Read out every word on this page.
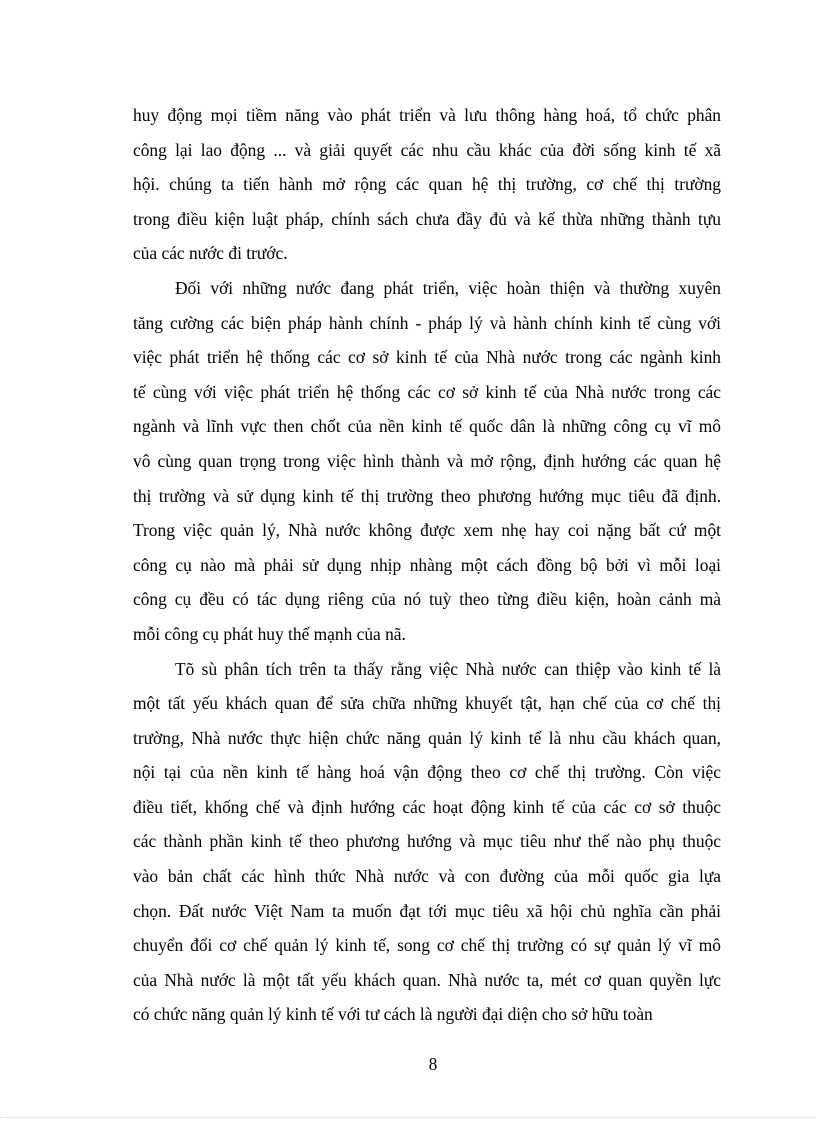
huy động mọi tiềm năng vào phát triển và lưu thông hàng hoá, tổ chức phân
công lại lao động ... và giải quyết các nhu cầu khác của đời sống kinh tế xã
hội. chúng ta tiến hành mở rộng các quan hệ thị trường, cơ chế thị trường
trong điều kiện luật pháp, chính sách chưa đầy đủ và kế thừa những thành tựu
của các nước đi trước.
Đối với những nước đang phát triển, việc hoàn thiện và thường xuyên
tăng cường các biện pháp hành chính - pháp lý và hành chính kinh tế cùng với
việc phát triển hệ thống các cơ sở kinh tế của Nhà nước trong các ngành kinh
tế cùng với việc phát triển hệ thống các cơ sở kinh tế của Nhà nước trong các
ngành và lĩnh vực then chốt của nền kinh tế quốc dân là những công cụ vĩ mô
vô cùng quan trọng trong việc hình thành và mở rộng, định hướng các quan hệ
thị trường và sử dụng kinh tế thị trường theo phương hướng mục tiêu đã định.
Trong việc quản lý, Nhà nước không được xem nhẹ hay coi nặng bất cứ một
công cụ nào mà phải sử dụng nhịp nhàng một cách đồng bộ bởi vì mỗi loại
công cụ đều có tác dụng riêng của nó tuỳ theo từng điều kiện, hoàn cảnh mà
mỗi công cụ phát huy thế mạnh của nã.
Tõ sù phân tích trên ta thấy rằng việc Nhà nước can thiệp vào kinh tế là
một tất yếu khách quan để sửa chữa những khuyết tật, hạn chế của cơ chế thị
trường, Nhà nước thực hiện chức năng quản lý kinh tế là nhu cầu khách quan,
nội tại của nền kinh tế hàng hoá vận động theo cơ chế thị trường. Còn việc
điều tiết, khống chế và định hướng các hoạt động kinh tế của các cơ sở thuộc
các thành phần kinh tế theo phương hướng và mục tiêu như thế nào phụ thuộc
vào bản chất các hình thức Nhà nước và con đường của mỗi quốc gia lựa
chọn. Đất nước Việt Nam ta muốn đạt tới mục tiêu xã hội chủ nghĩa cần phải
chuyển đổi cơ chế quản lý kinh tế, song cơ chế thị trường có sự quản lý vĩ mô
của Nhà nước là một tất yếu khách quan. Nhà nước ta, mét cơ quan quyền lực
có chức năng quản lý kinh tế với tư cách là người đại diện cho sở hữu toàn
8
